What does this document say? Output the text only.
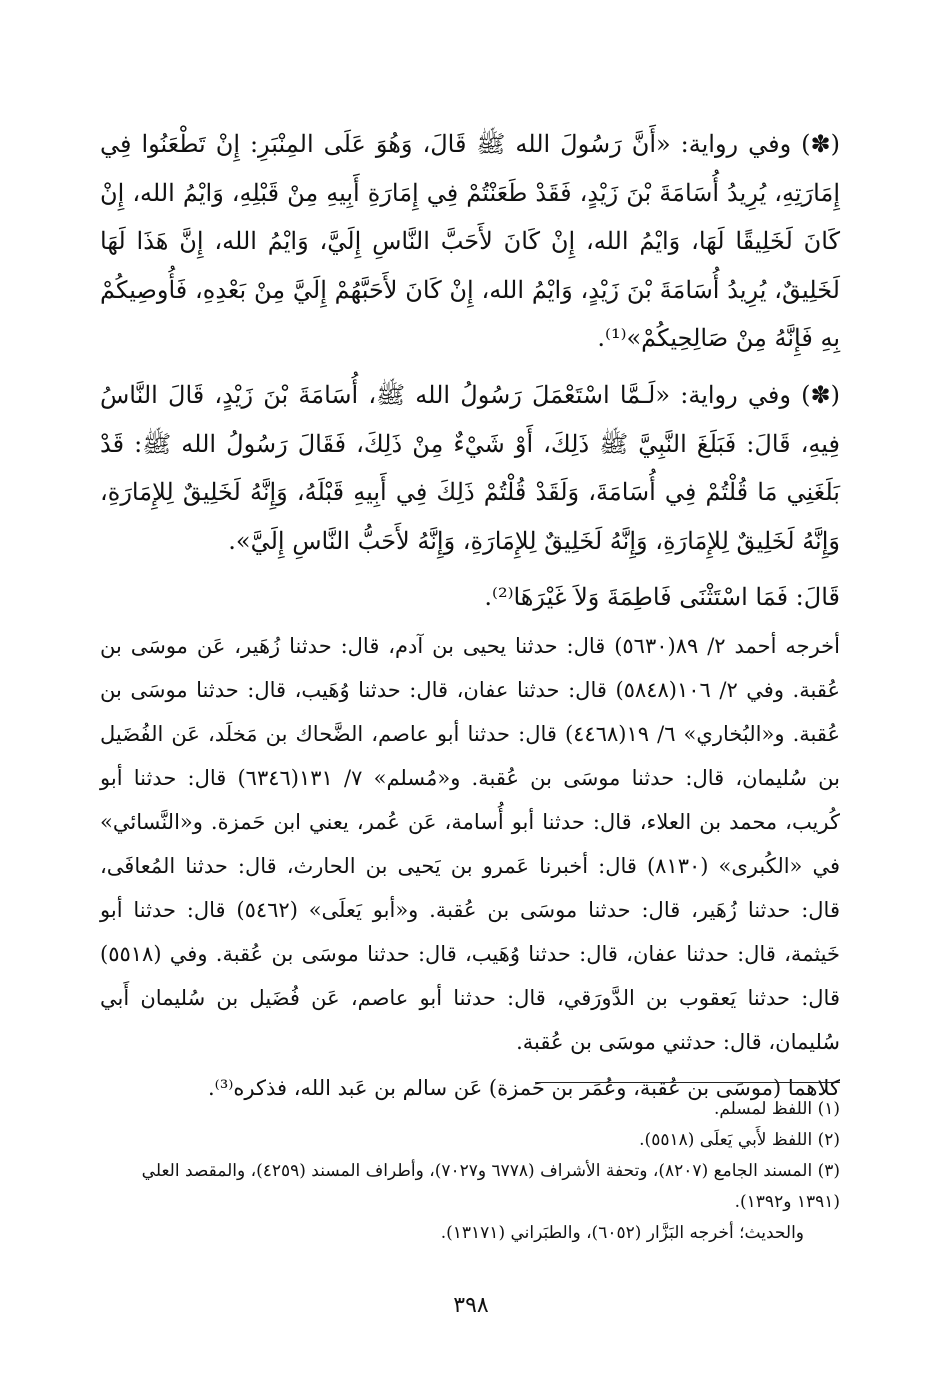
(✽) وفي رواية: «أَنَّ رَسُولَ الله ﷺ قَالَ، وَهُوَ عَلَى المِنْبَرِ: إِنْ تَطْعَنُوا فِي إِمَارَتِهِ، يُرِيدُ أُسَامَةَ بْنَ زَيْدٍ، فَقَدْ طَعَنْتُمْ فِي إِمَارَةِ أَبِيهِ مِنْ قَبْلِهِ، وَايْمُ الله، إِنْ كَانَ لَخَلِيقًا لَهَا، وَايْمُ الله، إِنْ كَانَ لأَحَبَّ النَّاسِ إِلَيَّ، وَايْمُ الله، إِنَّ هَذَا لَهَا لَخَلِيقٌ، يُرِيدُ أُسَامَةَ بْنَ زَيْدٍ، وَايْمُ الله، إِنْ كَانَ لأَحَبَّهُمْ إِلَيَّ مِنْ بَعْدِهِ، فَأُوصِيكُمْ بِهِ فَإِنَّهُ مِنْ صَالِحِيكُمْ»⁽¹⁾.

(✽) وفي رواية: «لَـمَّا اسْتَعْمَلَ رَسُولُ الله ﷺ، أُسَامَةَ بْنَ زَيْدٍ، قَالَ النَّاسُ فِيهِ، قَالَ: فَبَلَغَ النَّبِيَّ ﷺ ذَلِكَ، أَوْ شَيْءٌ مِنْ ذَلِكَ، فَقَالَ رَسُولُ الله ﷺ: قَدْ بَلَغَنِي مَا قُلْتُمْ فِي أُسَامَةَ، وَلَقَدْ قُلْتُمْ ذَلِكَ فِي أَبِيهِ قَبْلَهُ، وَإِنَّهُ لَخَلِيقٌ لِلإِمَارَةِ، وَإِنَّهُ لَخَلِيقٌ لِلإِمَارَةِ، وَإِنَّهُ لَخَلِيقٌ لِلإِمَارَةِ، وَإِنَّهُ لأَحَبُّ النَّاسِ إِلَيَّ».

قَالَ: فَمَا اسْتَثْنَى فَاطِمَةَ وَلاَ غَيْرَهَا⁽²⁾.

أخرجه أحمد ٢/ ٨٩(٥٦٣٠) قال: حدثنا يحيى بن آدم، قال: حدثنا زُهَير، عَن موسَى بن عُقبة. وفي ٢/ ١٠٦(٥٨٤٨) قال: حدثنا عفان، قال: حدثنا وُهَيب، قال: حدثنا موسَى بن عُقبة. و«البُخاري» ٦/ ١٩(٤٤٦٨) قال: حدثنا أبو عاصم، الضَّحاك بن مَخلَد، عَن الفُضَيل بن سُليمان، قال: حدثنا موسَى بن عُقبة. و«مُسلم» ٧/ ١٣١(٦٣٤٦) قال: حدثنا أبو كُريب، محمد بن العلاء، قال: حدثنا أبو أُسامة، عَن عُمر، يعني ابن حَمزة. و«النَّسائي» في «الكُبرى» (٨١٣٠) قال: أخبرنا عَمرو بن يَحيى بن الحارث، قال: حدثنا المُعافَى، قال: حدثنا زُهَير، قال: حدثنا موسَى بن عُقبة. و«أبو يَعلَى» (٥٤٦٢) قال: حدثنا أبو خَيثمة، قال: حدثنا عفان، قال: حدثنا وُهَيب، قال: حدثنا موسَى بن عُقبة. وفي (٥٥١٨) قال: حدثنا يَعقوب بن الدَّورَقي، قال: حدثنا أبو عاصم، عَن فُضَيل بن سُليمان أَبي سُليمان، قال: حدثني موسَى بن عُقبة.

كلاهما (موسَى بن عُقبة، وعُمَر بن حَمزة) عَن سالم بن عَبد الله، فذكره⁽³⁾.

(١) اللفظ لمسلم.

(٢) اللفظ لأَبي يَعلَى (٥٥١٨).

(٣) المسند الجامع (٨٢٠٧)، وتحفة الأشراف (٦٧٧٨ و٧٠٢٧)، وأطراف المسند (٤٢٥٩)، والمقصد العلي (١٣٩١ و١٣٩٢).

والحديث؛ أخرجه البَزَّار (٦٠٥٢)، والطبَراني (١٣١٧١).

٣٩٨
